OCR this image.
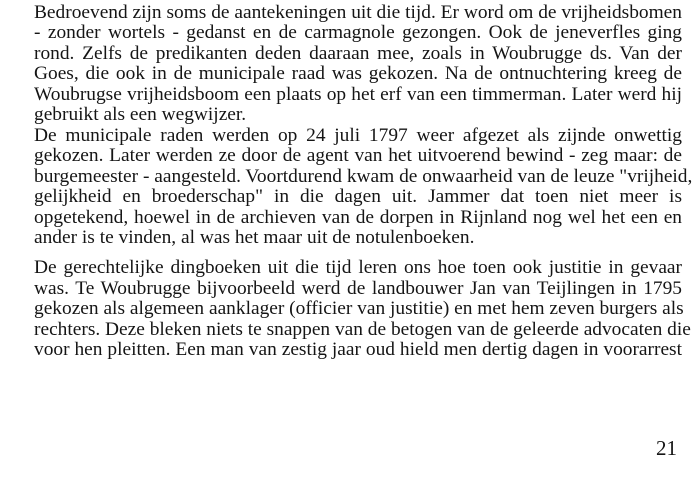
Bedroevend zijn soms de aantekeningen uit die tijd. Er word om de vrijheidsbomen
- zonder wortels - gedanst en de carmagnole gezongen. Ook de jeneverfles ging
rond. Zelfs de predikanten deden daaraan mee, zoals in Woubrugge ds. Van der
Goes, die ook in de municipale raad was gekozen. Na de ontnuchtering kreeg de
Woubrugse vrijheidsboom een plaats op het erf van een timmerman. Later werd hij
gebruikt als een wegwijzer.
De municipale raden werden op 24 juli 1797 weer afgezet als zijnde onwettig
gekozen. Later werden ze door de agent van het uitvoerend bewind - zeg maar: de
burgemeester - aangesteld. Voortdurend kwam de onwaarheid van de leuze "vrijheid,
gelijkheid en broederschap" in die dagen uit. Jammer dat toen niet meer is
opgetekend, hoewel in de archieven van de dorpen in Rijnland nog wel het een en
ander is te vinden, al was het maar uit de notulenboeken.
De gerechtelijke dingboeken uit die tijd leren ons hoe toen ook justitie in gevaar
was. Te Woubrugge bijvoorbeeld werd de landbouwer Jan van Teijlingen in 1795
gekozen als algemeen aanklager (officier van justitie) en met hem zeven burgers als
rechters. Deze bleken niets te snappen van de betogen van de geleerde advocaten die
voor hen pleitten. Een man van zestig jaar oud hield men dertig dagen in voorarrest
21
